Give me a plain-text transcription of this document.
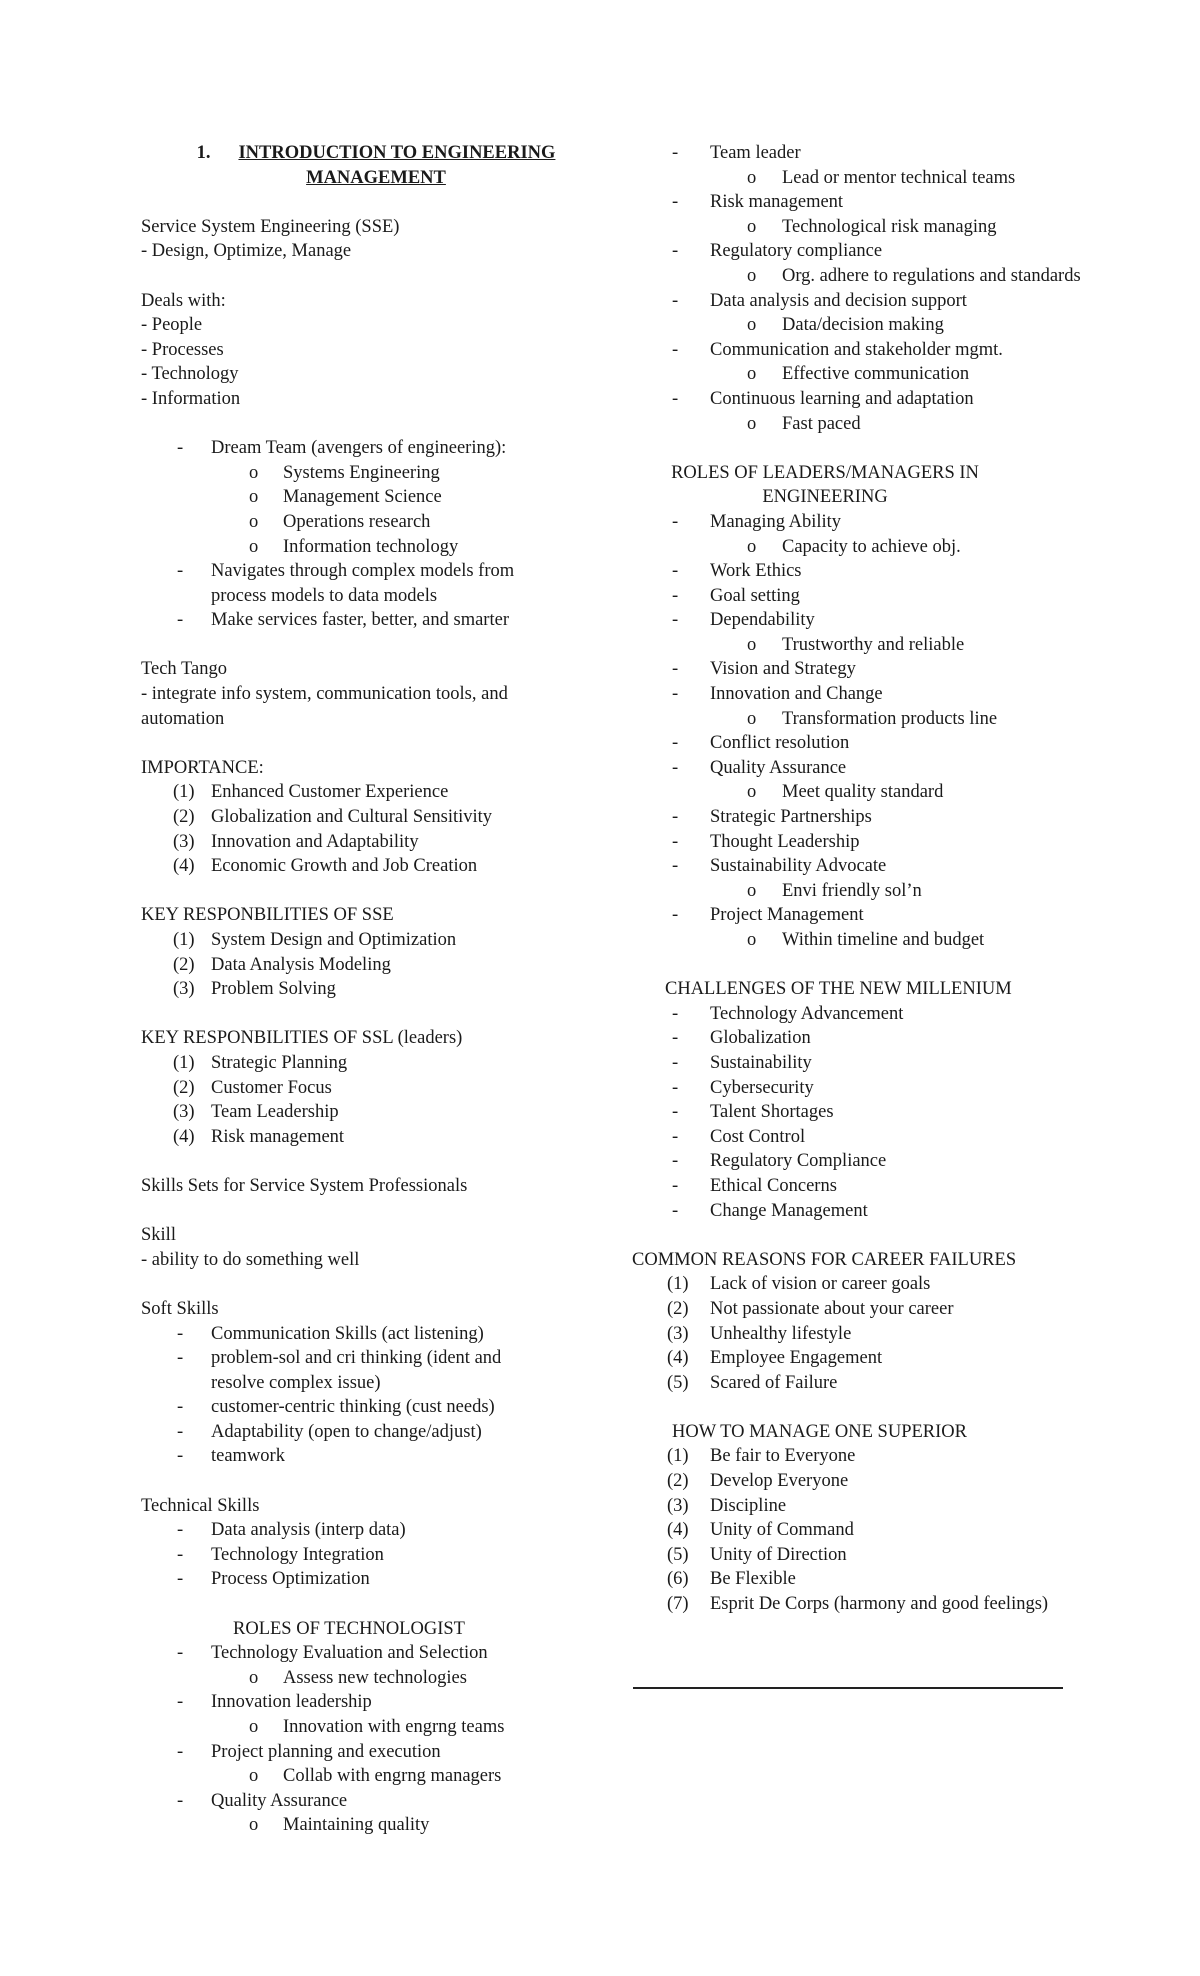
1. INTRODUCTION TO ENGINEERING
MANAGEMENT
Service System Engineering (SSE)
- Design, Optimize, Manage
Deals with:
- People
- Processes
- Technology
- Information
- Dream Team (avengers of engineering):
o Systems Engineering
o Management Science
o Operations research
o Information technology
- Navigates through complex models from process models to data models
- Make services faster, better, and smarter
Tech Tango
- integrate info system, communication tools, and automation
IMPORTANCE:
(1) Enhanced Customer Experience
(2) Globalization and Cultural Sensitivity
(3) Innovation and Adaptability
(4) Economic Growth and Job Creation
KEY RESPONBILITIES OF SSE
(1) System Design and Optimization
(2) Data Analysis Modeling
(3) Problem Solving
KEY RESPONBILITIES OF SSL (leaders)
(1) Strategic Planning
(2) Customer Focus
(3) Team Leadership
(4) Risk management
Skills Sets for Service System Professionals
Skill
- ability to do something well
Soft Skills
- Communication Skills (act listening)
- problem-sol and cri thinking (ident and resolve complex issue)
- customer-centric thinking (cust needs)
- Adaptability (open to change/adjust)
- teamwork
Technical Skills
- Data analysis (interp data)
- Technology Integration
- Process Optimization
ROLES OF TECHNOLOGIST
- Technology Evaluation and Selection
o Assess new technologies
- Innovation leadership
o Innovation with engrng teams
- Project planning and execution
o Collab with engrng managers
- Quality Assurance
o Maintaining quality
- Team leader
o Lead or mentor technical teams
- Risk management
o Technological risk managing
- Regulatory compliance
o Org. adhere to regulations and standards
- Data analysis and decision support
o Data/decision making
- Communication and stakeholder mgmt.
o Effective communication
- Continuous learning and adaptation
o Fast paced
ROLES OF LEADERS/MANAGERS IN
ENGINEERING
- Managing Ability
o Capacity to achieve obj.
- Work Ethics
- Goal setting
- Dependability
o Trustworthy and reliable
- Vision and Strategy
- Innovation and Change
o Transformation products line
- Conflict resolution
- Quality Assurance
o Meet quality standard
- Strategic Partnerships
- Thought Leadership
- Sustainability Advocate
o Envi friendly sol’n
- Project Management
o Within timeline and budget
CHALLENGES OF THE NEW MILLENIUM
- Technology Advancement
- Globalization
- Sustainability
- Cybersecurity
- Talent Shortages
- Cost Control
- Regulatory Compliance
- Ethical Concerns
- Change Management
COMMON REASONS FOR CAREER FAILURES
(1) Lack of vision or career goals
(2) Not passionate about your career
(3) Unhealthy lifestyle
(4) Employee Engagement
(5) Scared of Failure
HOW TO MANAGE ONE SUPERIOR
(1) Be fair to Everyone
(2) Develop Everyone
(3) Discipline
(4) Unity of Command
(5) Unity of Direction
(6) Be Flexible
(7) Esprit De Corps (harmony and good feelings)
